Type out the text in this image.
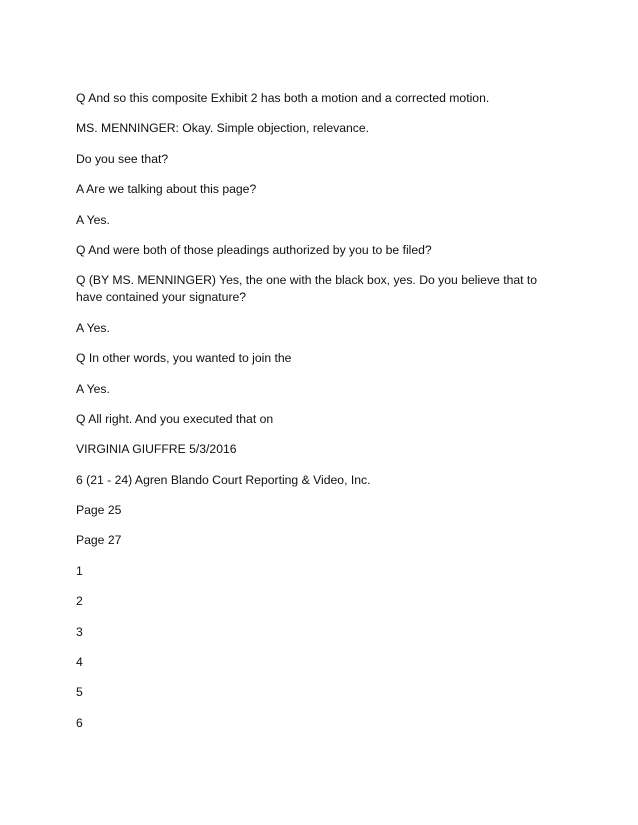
Q And so this composite Exhibit 2 has both a motion and a corrected motion.

MS. MENNINGER: Okay. Simple objection, relevance.

Do you see that?

A Are we talking about this page?

A Yes.

Q And were both of those pleadings authorized by you to be filed?

Q (BY MS. MENNINGER) Yes, the one with the black box, yes. Do you believe that to have contained your signature?

A Yes.

Q In other words, you wanted to join the

A Yes.

Q All right. And you executed that on

VIRGINIA GIUFFRE 5/3/2016

6 (21 - 24) Agren Blando Court Reporting & Video, Inc.

Page 25

Page 27

1

2

3

4

5

6
